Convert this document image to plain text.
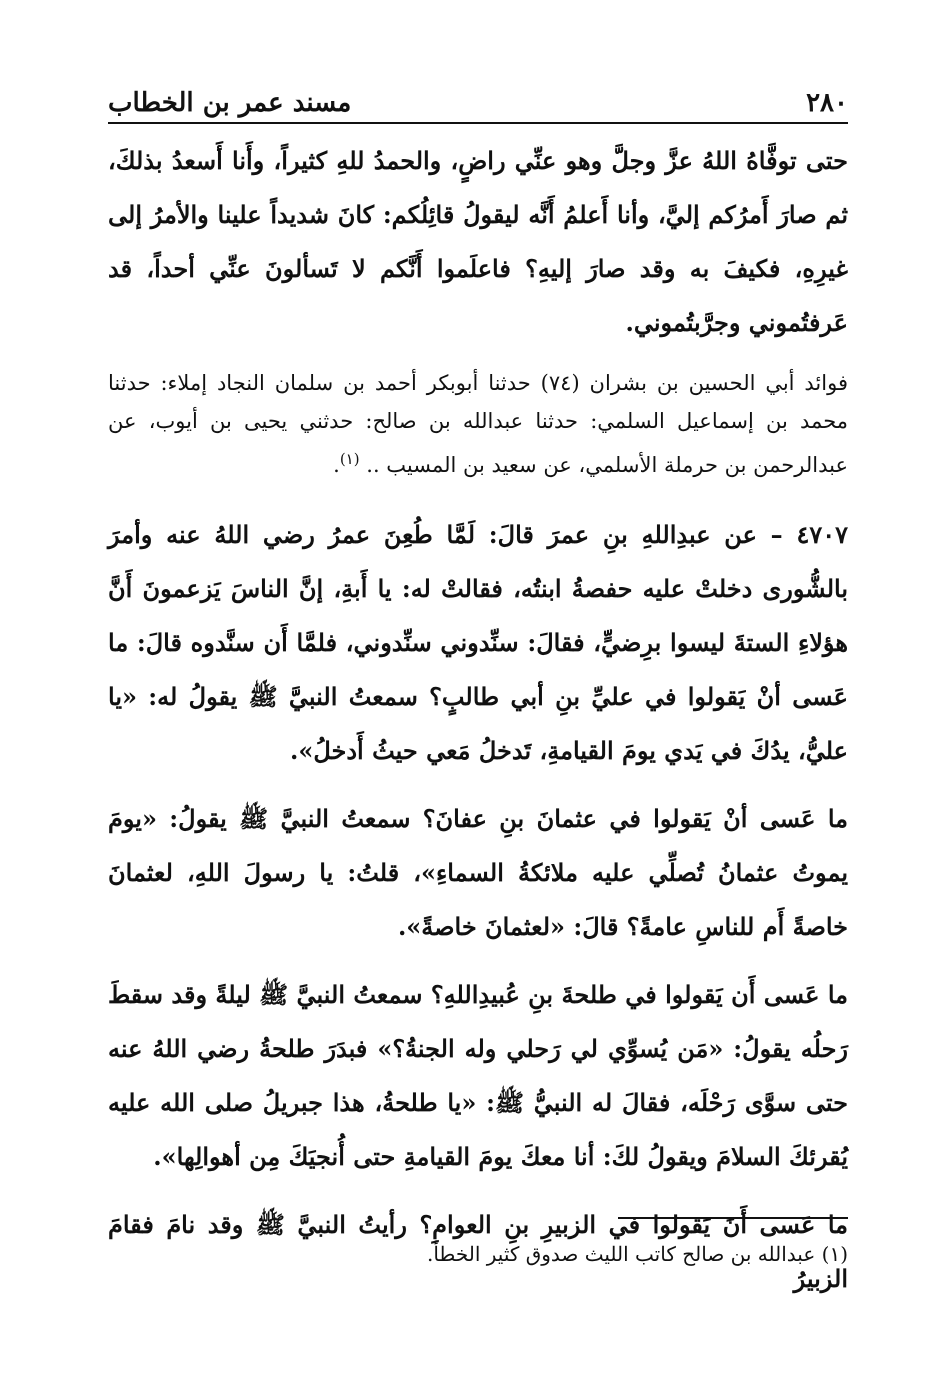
٢٨٠
مسند عمر بن الخطاب

حتى توفَّاهُ اللهُ عزَّ وجلَّ وهو عنِّي راضٍ، والحمدُ للهِ كثيراً، وأَنا أَسعدُ بذلكَ، ثم صارَ أَمرُكم إليَّ، وأنا أَعلمُ أَنَّه ليقولُ قائِلُكم: كانَ شديداً علينا والأمرُ إلى غيرِهِ، فكيفَ به وقد صارَ إليهِ؟ فاعلَموا أَنَّكم لا تَسألونَ عنِّي أحداً، قد عَرفتُموني وجرَّبتُموني.

فوائد أبي الحسين بن بشران (٧٤) حدثنا أبوبكر أحمد بن سلمان النجاد إملاء: حدثنا محمد بن إسماعيل السلمي: حدثنا عبدالله بن صالح: حدثني يحيى بن أيوب، عن عبدالرحمن بن حرملة الأسلمي، عن سعيد بن المسيب .. $^{(١)}$.

٤٧٠٧ – عن عبدِاللهِ بنِ عمرَ قالَ: لَمَّا طُعِنَ عمرُ رضي اللهُ عنه وأمرَ بالشُّورى دخلتْ عليه حفصةُ ابنتُه، فقالتْ له: يا أَبةِ، إنَّ الناسَ يَزعمونَ أَنَّ هؤلاءِ الستةَ ليسوا برِضيٍّ، فقالَ: سنِّدوني سنِّدوني، فلمَّا أَن سنَّدوه قالَ: ما عَسى أنْ يَقولوا في عليِّ بنِ أبي طالبٍ؟ سمعتُ النبيَّ ﷺ يقولُ له: «يا عليُّ، يدُكَ في يَدي يومَ القيامةِ، تَدخلُ مَعي حيثُ أَدخلُ».

ما عَسى أنْ يَقولوا في عثمانَ بنِ عفانَ؟ سمعتُ النبيَّ ﷺ يقولُ: «يومَ يموتُ عثمانُ تُصلِّي عليه ملائكةُ السماءِ»، قلتُ: يا رسولَ اللهِ، لعثمانَ خاصةً أَم للناسِ عامةً؟ قالَ: «لعثمانَ خاصةً».

ما عَسى أَن يَقولوا في طلحةَ بنِ عُبيدِاللهِ؟ سمعتُ النبيَّ ﷺ ليلةً وقد سقطَ رَحلُه يقولُ: «مَن يُسوِّي لي رَحلي وله الجنةُ؟» فبدَرَ طلحةُ رضي اللهُ عنه حتى سوَّى رَحْلَه، فقالَ له النبيُّ ﷺ: «يا طلحةُ، هذا جبريلُ صلى الله عليه يُقرئكَ السلامَ ويقولُ لكَ: أنا معكَ يومَ القيامةِ حتى أُنجيَكَ مِن أهوالِها».

ما عَسى أَنَ يَقولوا في الزبيرِ بنِ العوامِ؟ رأيتُ النبيَّ ﷺ وقد نامَ فقامَ الزبيرُ

(١) عبدالله بن صالح كاتب الليث صدوق كثير الخطأ.
